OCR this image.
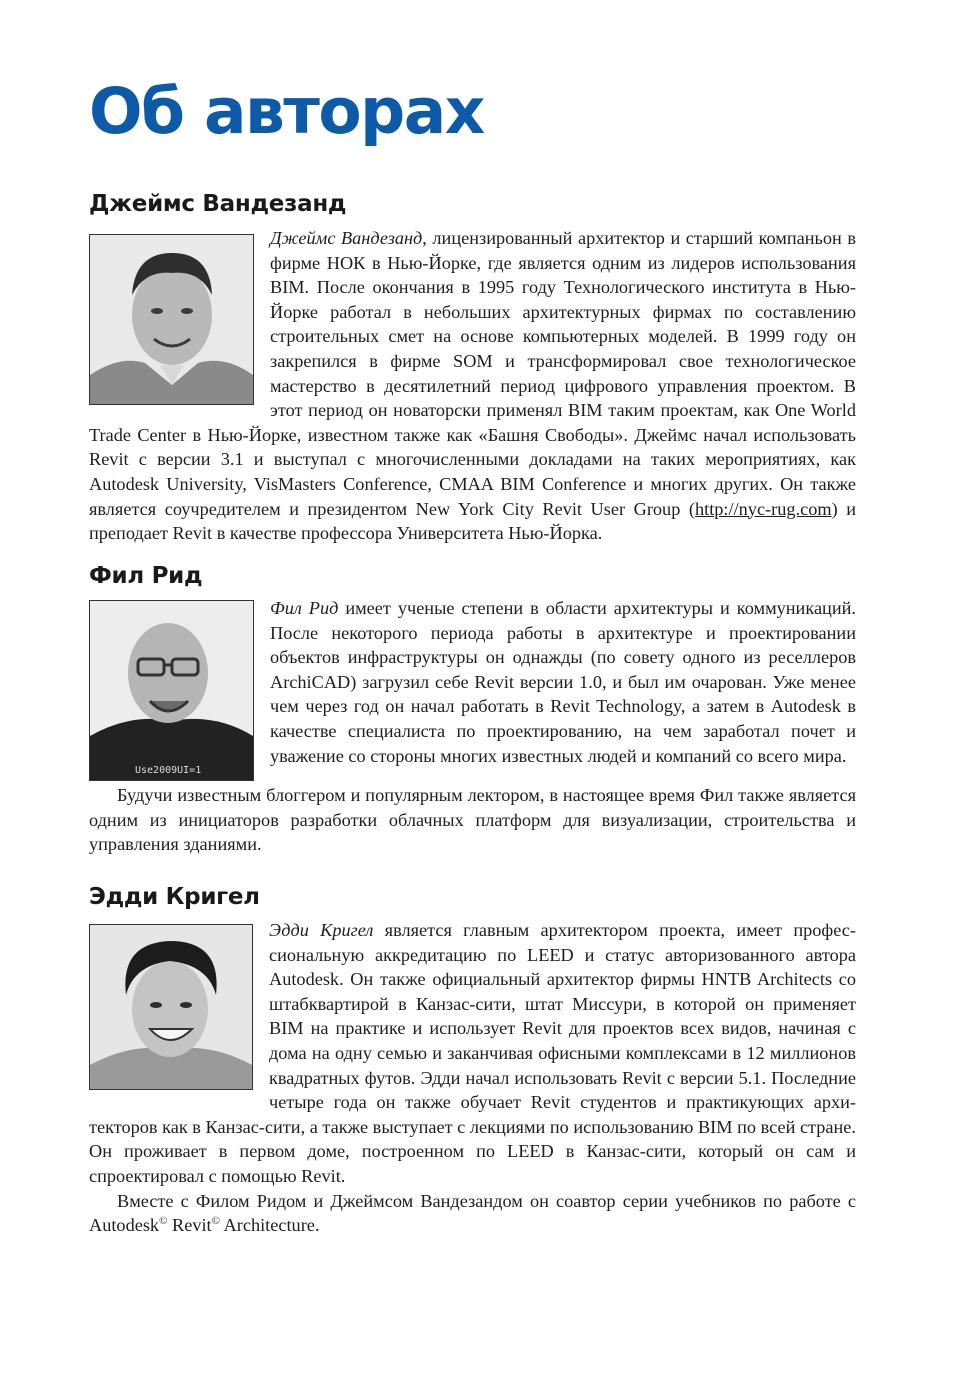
Об авторах
Джеймс Вандезанд

Джеймс Вандезанд, лицензированный архитектор и старший компаньон в фирме НОК в Нью-Йорке, где является одним из лидеров использования BIM. После окончания в 1995 году Технологического института в Нью-Йорке работал в небольших архитектурных фирмах по составлению строительных смет на основе компьютерных моделей. В 1999 году он закрепился в фирме SOM и трансформировал свое технологическое мастерство в десятилетний период цифрового управления проектом. В этот период он новаторски применял BIM таким проектам, как One World Trade Center в Нью-Йорке, известном также как «Башня Свободы». Джеймс начал использовать Revit с версии 3.1 и выступал с многочисленными докладами на таких мероприятиях, как Autodesk University, VisMasters Conference, CMAA BIM Conference и многих других. Он также является соучредителем и президентом New York City Revit User Group (http://nyc-rug.com) и преподает Revit в качестве профессора Университета Нью-Йорка.

Фил Рид
Use2009UI=1

Фил Рид имеет ученые степени в области архитектуры и коммуникаций. После некоторого периода работы в архитектуре и проектировании объектов инфраструктуры он однажды (по совету одного из реселлеров ArchiCAD) загрузил себе Revit версии 1.0, и был им очарован. Уже менее чем через год он начал работать в Revit Technology, а затем в Autodesk в качестве специалиста по проектированию, на чем заработал почет и уважение со стороны многих известных людей и компаний со всего мира.

Будучи известным блоггером и популярным лектором, в настоящее время Фил также является одним из инициаторов разработки облачных платформ для визуализации, строительства и управления зданиями.

Эдди Кригел

Эдди Кригел является главным архитектором проекта, имеет профессиональную аккредитацию по LEED и статус авторизованного автора Autodesk. Он также официальный архитектор фирмы HNTB Architects со штабквартирой в Канзас-сити, штат Миссури, в которой он применяет BIM на практике и использует Revit для проектов всех видов, начиная с дома на одну семью и заканчивая офисными комплексами в 12 миллионов квадратных футов. Эдди начал использовать Revit с версии 5.1. Последние четыре года он также обучает Revit студентов и практикующих архитекторов как в Канзас-сити, а также выступает с лекциями по использованию BIM по всей стране. Он проживает в первом доме, построенном по LEED в Канзас-сити, который он сам и спроектировал с помощью Revit.

Вместе с Филом Ридом и Джеймсом Вандезандом он соавтор серии учебников по работе с Autodesk© Revit© Architecture.
